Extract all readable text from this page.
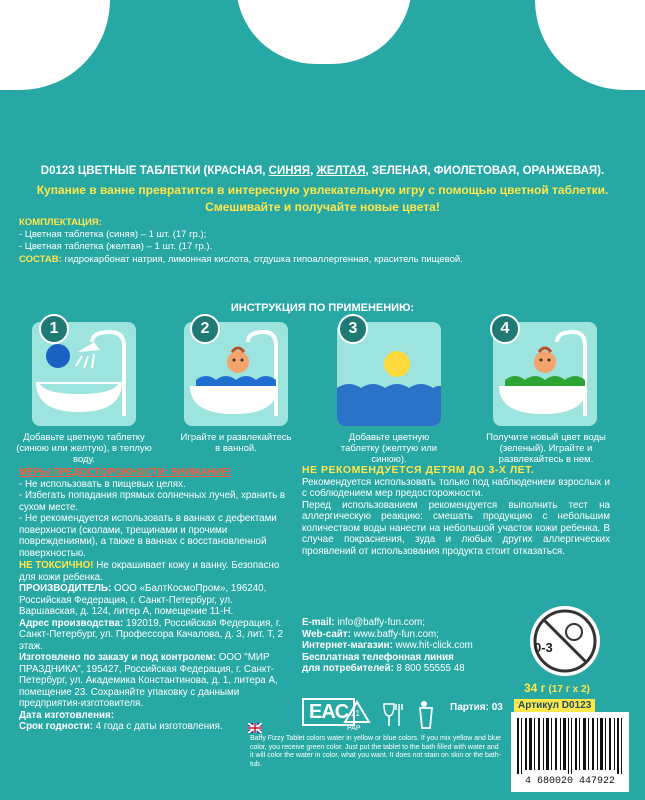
D0123 ЦВЕТНЫЕ ТАБЛЕТКИ (КРАСНАЯ, СИНЯЯ, ЖЕЛТАЯ, ЗЕЛЕНАЯ, ФИОЛЕТОВАЯ, ОРАНЖЕВАЯ).
Купание в ванне превратится в интересную увлекательную игру с помощью цветной таблетки.
Смешивайте и получайте новые цвета!
КОМПЛЕКТАЦИЯ:
- Цветная таблетка (синяя) – 1 шт. (17 гр.);
- Цветная таблетка (желтая) – 1 шт. (17 гр.).
СОСТАВ: гидрокарбонат натрия, лимонная кислота, отдушка гипоаллергенная, краситель пищевой.
ИНСТРУКЦИЯ ПО ПРИМЕНЕНИЮ:
1
Добавьте цветную таблетку (синюю или желтую), в теплую воду.
2
Играйте и развлекайтесь в ванной.
3
Добавьте цветную таблетку (желтую или синюю).
4
Получите новый цвет воды (зеленый). Играйте и развлекайтесь в нем.
МЕРЫ ПРЕДОСТОРОЖНОСТИ: ВНИМАНИЕ!
- Не использовать в пищевых целях.
- Избегать попадания прямых солнечных лучей, хранить в сухом месте.
- Не рекомендуется использовать в ваннах с дефектами поверхности (сколами, трещинами и прочими повреждениями), а также в ваннах с восстановленной поверхностью.
НЕ ТОКСИЧНО! Не окрашивает кожу и ванну. Безопасно для кожи ребенка.
ПРОИЗВОДИТЕЛЬ: ООО «БалтКосмоПром», 196240, Российская Федерация, г. Санкт-Петербург, ул. Варшавская, д. 124, литер А, помещение 11-Н.
Адрес производства: 192019, Российская Федерация, г. Санкт-Петербург, ул. Профессора Качалова, д. 3, лит. Т, 2 этаж.
Изготовлено по заказу и под контролем: ООО "МИР ПРАЗДНИКА", 195427, Российская Федерация, г. Санкт-Петербург, ул. Академика Константинова, д. 1, литера А, помещение 23. Сохраняйте упаковку с данными предприятия-изготовителя.
Дата изготовления:
Срок годности: 4 года с даты изготовления.
НЕ РЕКОМЕНДУЕТСЯ ДЕТЯМ ДО 3-Х ЛЕТ.
Рекомендуется использовать только под наблюдением взрослых и с соблюдением мер предосторожности.
Перед использованием рекомендуется выполнить тест на аллергическую реакцию: смешать продукцию с небольшим количеством воды нанести на небольшой участок кожи ребенка. В случае покраснения, зуда и любых других аллергических проявлений от использования продукта стоит отказаться.
E-mail: info@baffy-fun.com;
Web-сайт: www.baffy-fun.com;
Интернет-магазин: www.hit-click.com
Бесплатная телефонная линия
для потребителей: 8 800 55555 48
0-3
34 г (17 г х 2)
EAC 21
PAP
Партия: 03	Артикул D0123
Baffy Fizzy Tablet colors water in yellow or blue colors. If you mix yellow and blue color, you receive green color. Just put the tablet to the bath filled with water and it will color the water in color, what you want. It does not stain on skin or the bath-tub.
4 680020 447922
